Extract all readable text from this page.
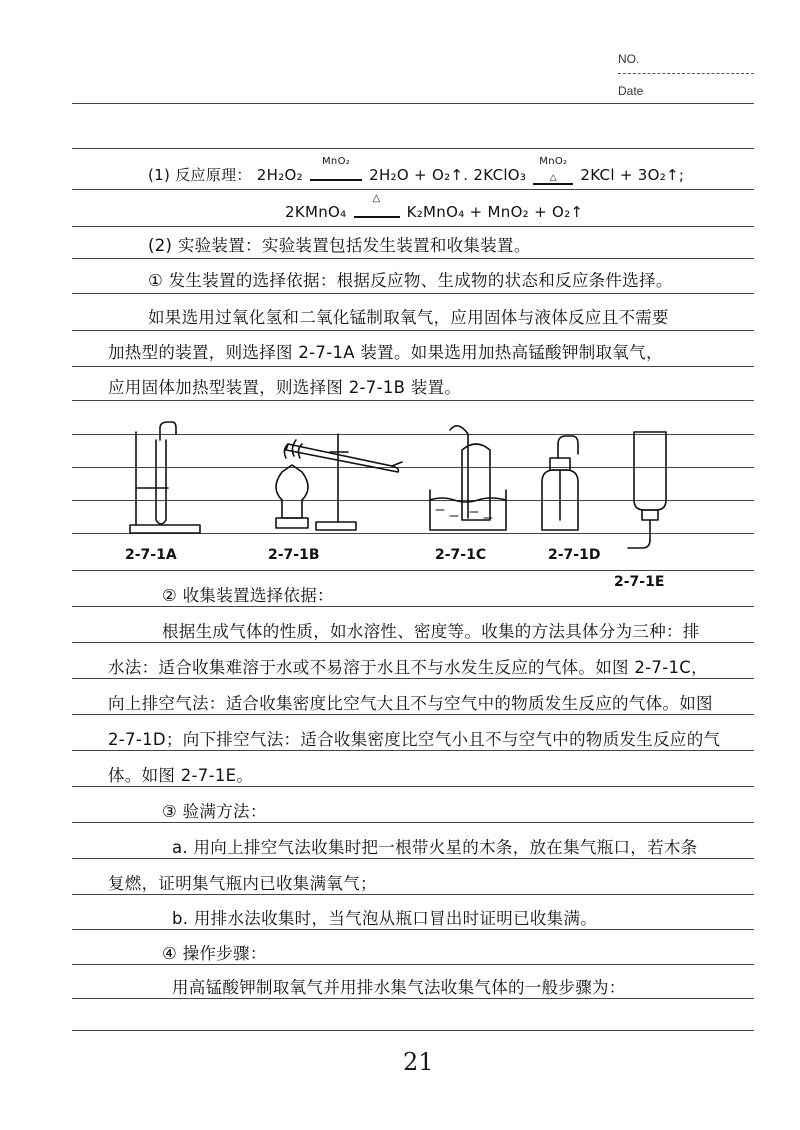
NO.
Date
(1) 反应原理： 2H₂O₂
MnO₂
2H₂O + O₂↑. 2KClO₃
MnO₂
△ 2KCl + 3O₂↑;
2KMnO₄
△
K₂MnO₄ + MnO₂ + O₂↑
(2) 实验装置：实验装置包括发生装置和收集装置。
① 发生装置的选择依据：根据反应物、生成物的状态和反应条件选择。
如果选用过氧化氢和二氧化锰制取氧气，应用固体与液体反应且不需要
加热型的装置，则选择图 2-7-1A 装置。如果选用加热高锰酸钾制取氧气，
应用固体加热型装置，则选择图 2-7-1B 装置。
2-7-1A	2-7-1B	2-7-1C	2-7-1D
2-7-1E
② 收集装置选择依据：
根据生成气体的性质，如水溶性、密度等。收集的方法具体分为三种：排
水法：适合收集难溶于水或不易溶于水且不与水发生反应的气体。如图 2-7-1C，
向上排空气法：适合收集密度比空气大且不与空气中的物质发生反应的气体。如图
2-7-1D；向下排空气法：适合收集密度比空气小且不与空气中的物质发生反应的气
体。如图 2-7-1E。
③ 验满方法：
a. 用向上排空气法收集时把一根带火星的木条，放在集气瓶口，若木条
复燃，证明集气瓶内已收集满氧气；
b. 用排水法收集时，当气泡从瓶口冒出时证明已收集满。
④ 操作步骤：
用高锰酸钾制取氧气并用排水集气法收集气体的一般步骤为：
21
